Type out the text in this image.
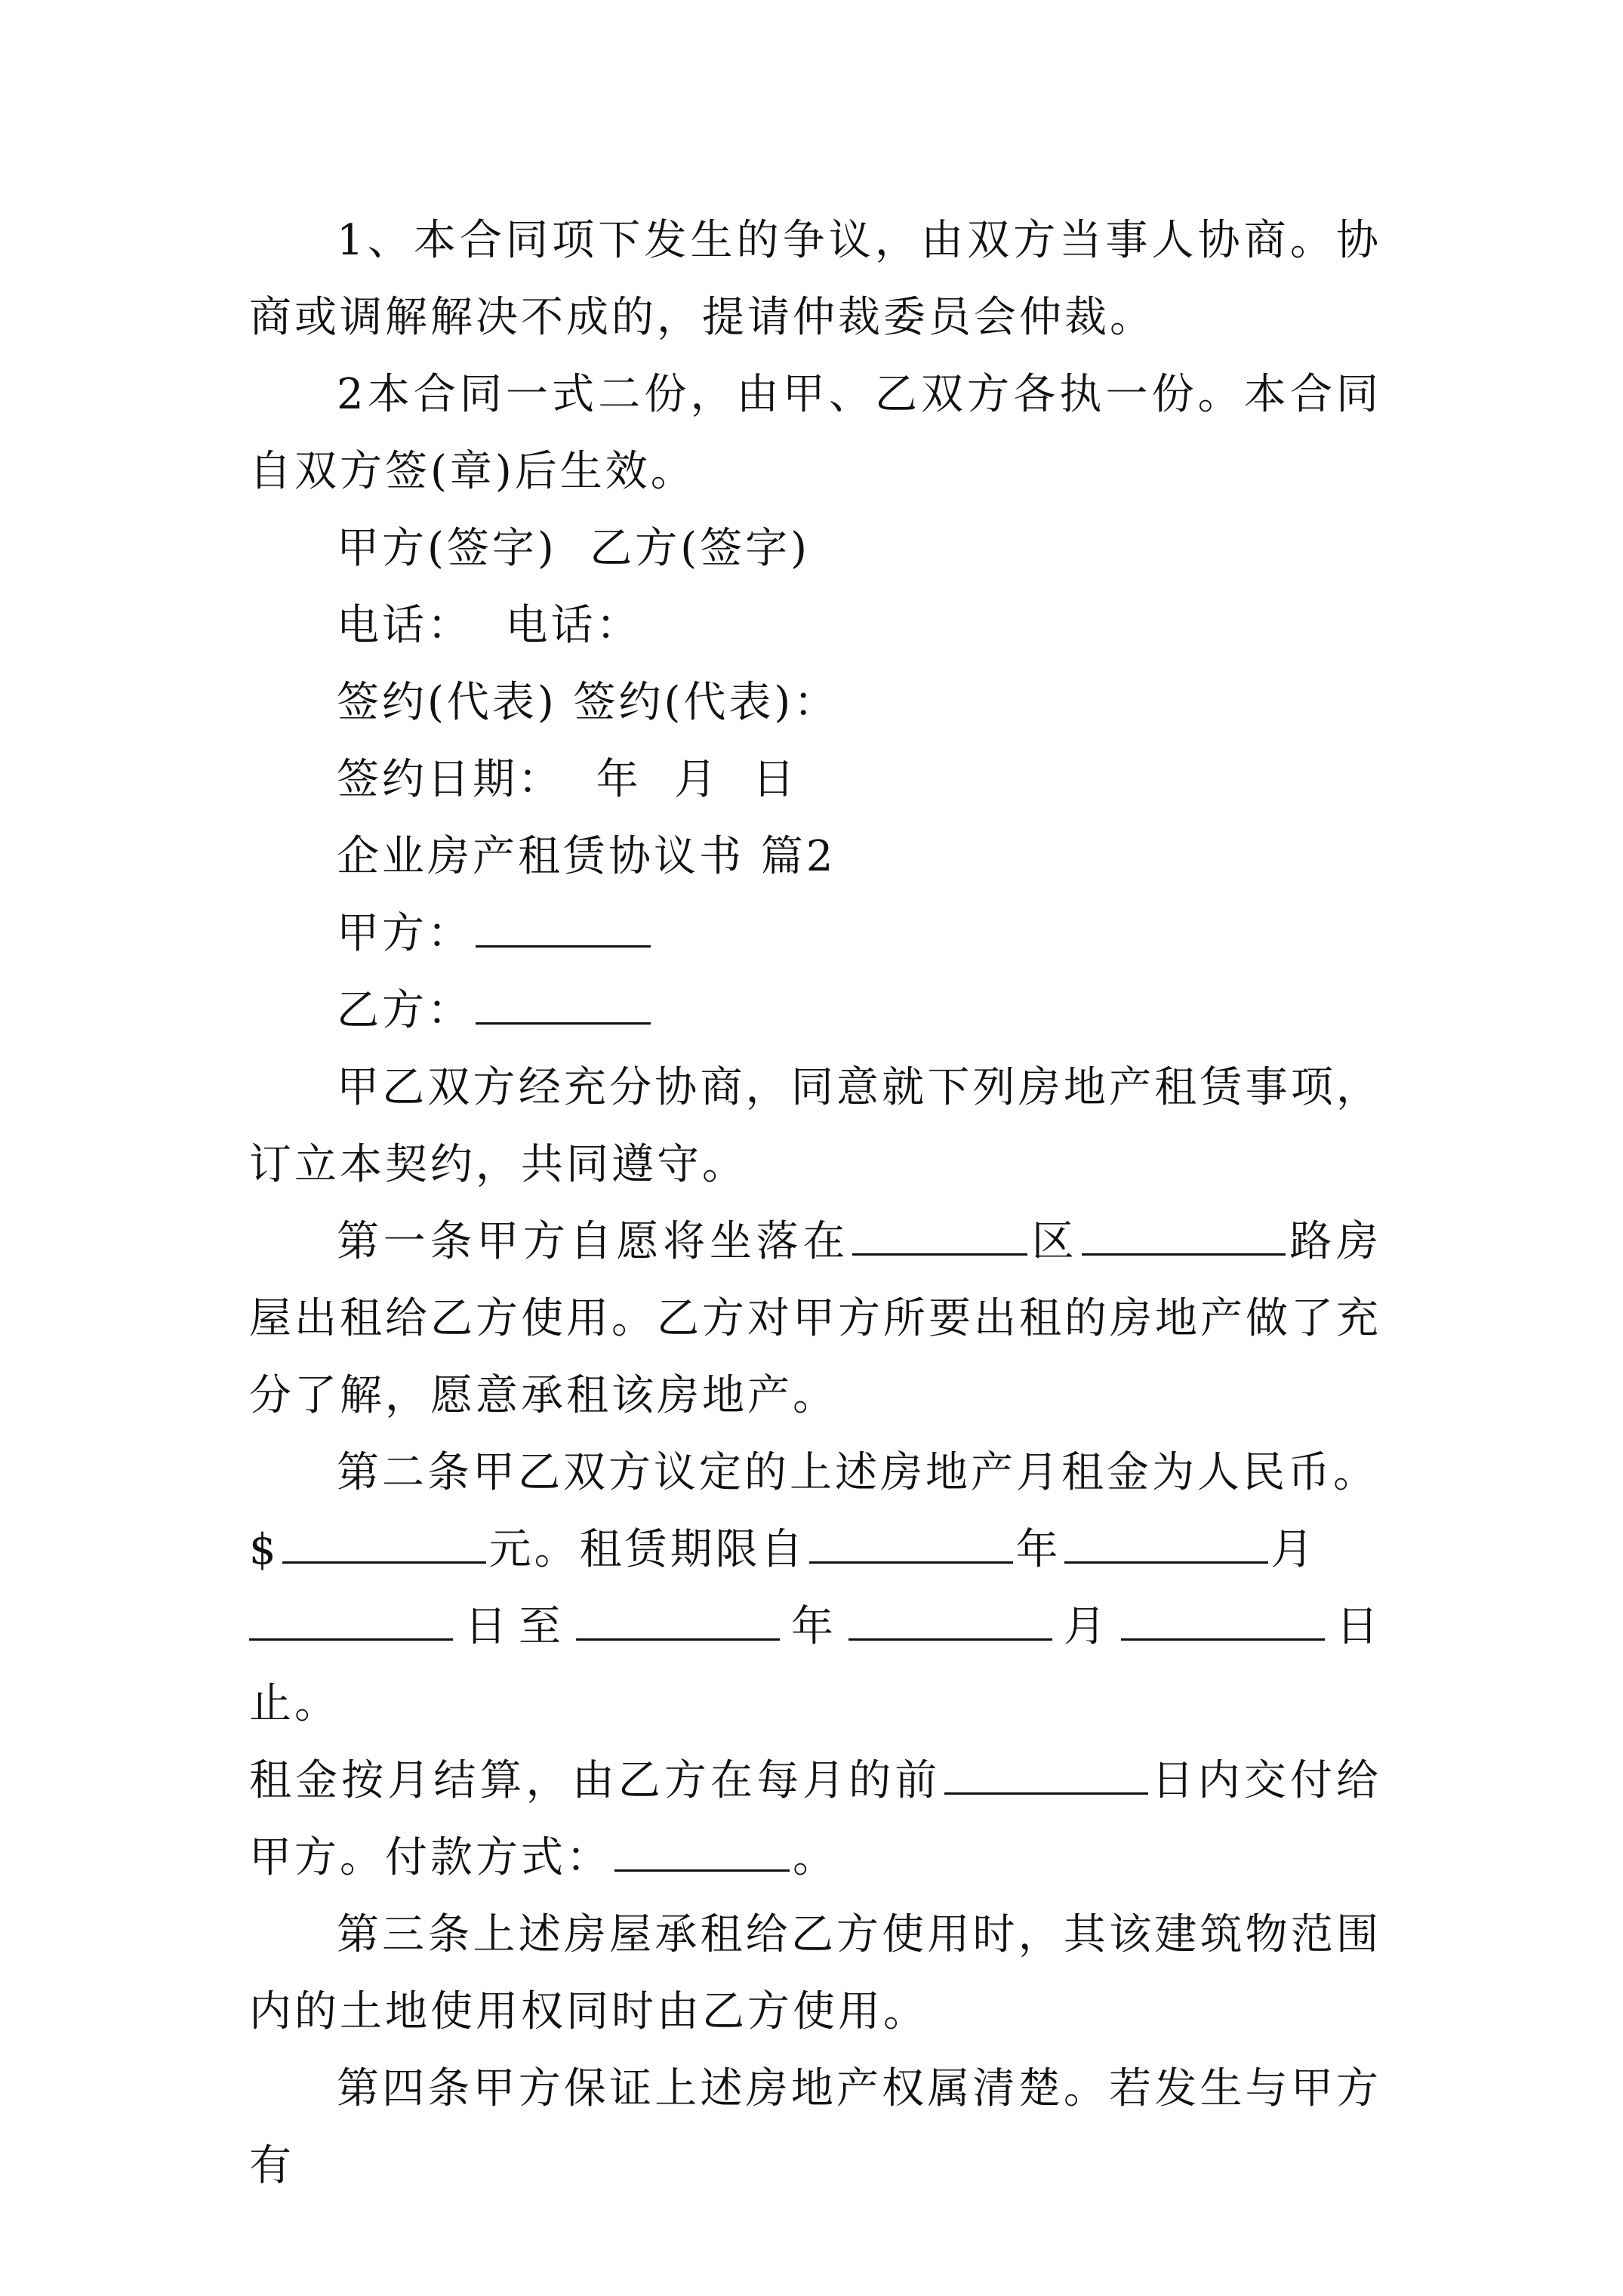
1、本合同项下发生的争议，由双方当事人协商。协商或调解解决不成的，提请仲裁委员会仲裁。

2本合同一式二份，由甲、乙双方各执一份。本合同自双方签(章)后生效。

甲方(签字)  乙方(签字)

电话：  电话：

签约(代表) 签约(代表)：

签约日期：  年  月  日

企业房产租赁协议书 篇2

甲方：

乙方：

甲乙双方经充分协商，同意就下列房地产租赁事项，订立本契约，共同遵守。

第一条甲方自愿将坐落在	区	路房屋出租给乙方使用。乙方对甲方所要出租的房地产做了充分了解，愿意承租该房地产。

第二条甲乙双方议定的上述房地产月租金为人民币。
$	元。租赁期限自	年	月
日至	年	月	日止。
租金按月结算，由乙方在每月的前	日内交付给甲方。付款方式：	。

第三条上述房屋承租给乙方使用时，其该建筑物范围内的土地使用权同时由乙方使用。

第四条甲方保证上述房地产权属清楚。若发生与甲方有
